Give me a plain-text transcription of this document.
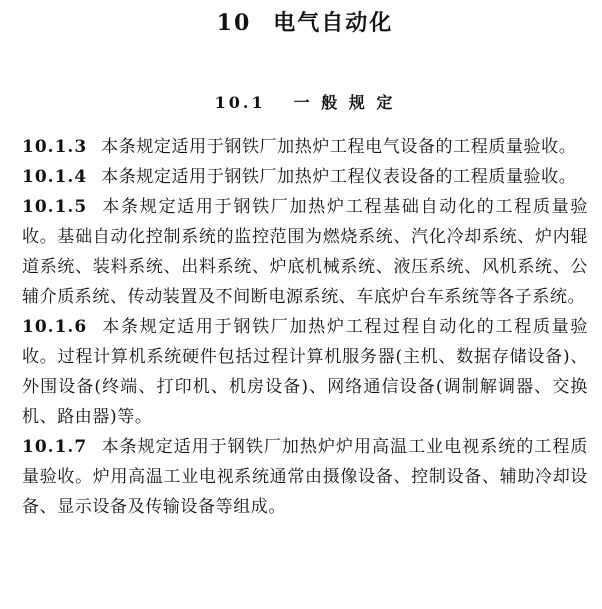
10 电气自动化
10.1 一 般 规 定

10.1.3 本条规定适用于钢铁厂加热炉工程电气设备的工程质量验收。

10.1.4 本条规定适用于钢铁厂加热炉工程仪表设备的工程质量验收。

10.1.5 本条规定适用于钢铁厂加热炉工程基础自动化的工程质量验收。基础自动化控制系统的监控范围为燃烧系统、汽化冷却系统、炉内辊道系统、装料系统、出料系统、炉底机械系统、液压系统、风机系统、公辅介质系统、传动装置及不间断电源系统、车底炉台车系统等各子系统。

10.1.6 本条规定适用于钢铁厂加热炉工程过程自动化的工程质量验收。过程计算机系统硬件包括过程计算机服务器(主机、数据存储设备)、外围设备(终端、打印机、机房设备)、网络通信设备(调制解调器、交换机、路由器)等。

10.1.7 本条规定适用于钢铁厂加热炉炉用高温工业电视系统的工程质量验收。炉用高温工业电视系统通常由摄像设备、控制设备、辅助冷却设备、显示设备及传输设备等组成。
